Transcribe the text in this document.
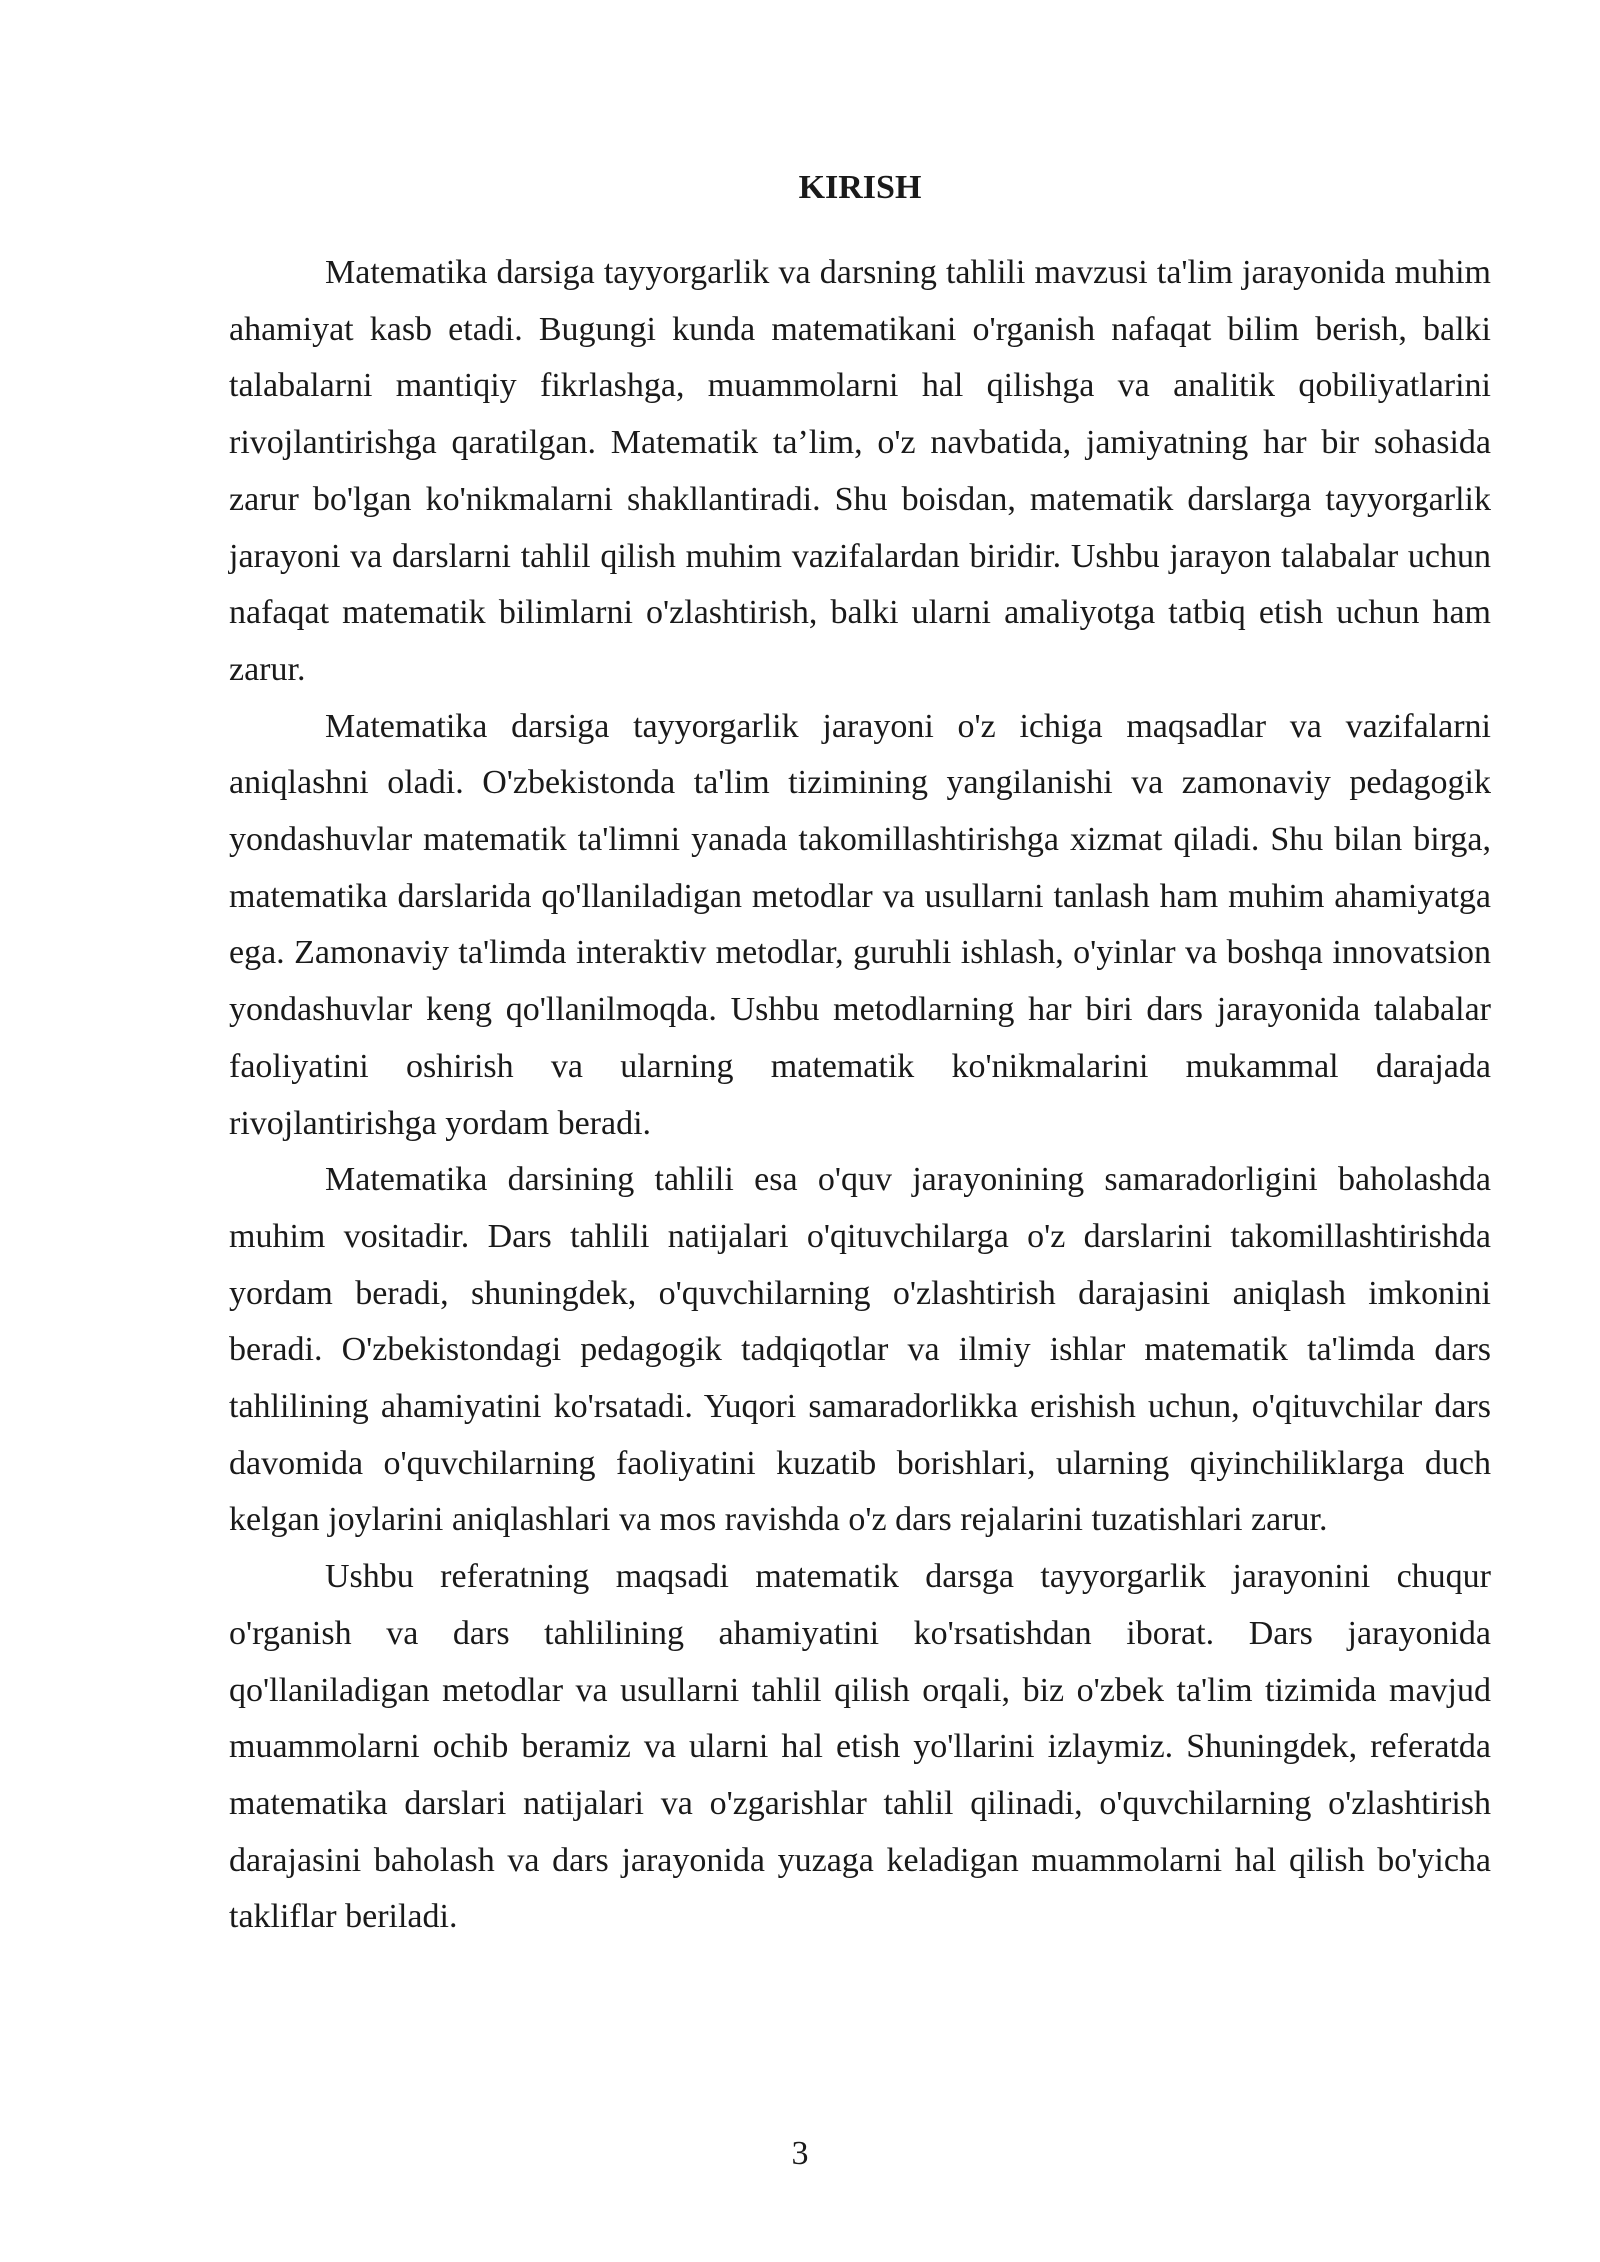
KIRISH

Matematika darsiga tayyorgarlik va darsning tahlili mavzusi ta'lim jarayonida muhim ahamiyat kasb etadi. Bugungi kunda matematikani o'rganish nafaqat bilim berish, balki talabalarni mantiqiy fikrlashga, muammolarni hal qilishga va analitik qobiliyatlarini rivojlantirishga qaratilgan. Matematik ta’lim, o'z navbatida, jamiyatning har bir sohasida zarur bo'lgan ko'nikmalarni shakllantiradi. Shu boisdan, matematik darslarga tayyorgarlik jarayoni va darslarni tahlil qilish muhim vazifalardan biridir. Ushbu jarayon talabalar uchun nafaqat matematik bilimlarni o'zlashtirish, balki ularni amaliyotga tatbiq etish uchun ham zarur.

Matematika darsiga tayyorgarlik jarayoni o'z ichiga maqsadlar va vazifalarni aniqlashni oladi. O'zbekistonda ta'lim tizimining yangilanishi va zamonaviy pedagogik yondashuvlar matematik ta'limni yanada takomillashtirishga xizmat qiladi. Shu bilan birga, matematika darslarida qo'llaniladigan metodlar va usullarni tanlash ham muhim ahamiyatga ega. Zamonaviy ta'limda interaktiv metodlar, guruhli ishlash, o'yinlar va boshqa innovatsion yondashuvlar keng qo'llanilmoqda. Ushbu metodlarning har biri dars jarayonida talabalar faoliyatini oshirish va ularning matematik ko'nikmalarini mukammal darajada rivojlantirishga yordam beradi.

Matematika darsining tahlili esa o'quv jarayonining samaradorligini baholashda muhim vositadir. Dars tahlili natijalari o'qituvchilarga o'z darslarini takomillashtirishda yordam beradi, shuningdek, o'quvchilarning o'zlashtirish darajasini aniqlash imkonini beradi. O'zbekistondagi pedagogik tadqiqotlar va ilmiy ishlar matematik ta'limda dars tahlilining ahamiyatini ko'rsatadi. Yuqori samaradorlikka erishish uchun, o'qituvchilar dars davomida o'quvchilarning faoliyatini kuzatib borishlari, ularning qiyinchiliklarga duch kelgan joylarini aniqlashlari va mos ravishda o'z dars rejalarini tuzatishlari zarur.

Ushbu referatning maqsadi matematik darsga tayyorgarlik jarayonini chuqur o'rganish va dars tahlilining ahamiyatini ko'rsatishdan iborat. Dars jarayonida qo'llaniladigan metodlar va usullarni tahlil qilish orqali, biz o'zbek ta'lim tizimida mavjud muammolarni ochib beramiz va ularni hal etish yo'llarini izlaymiz. Shuningdek, referatda matematika darslari natijalari va o'zgarishlar tahlil qilinadi, o'quvchilarning o'zlashtirish darajasini baholash va dars jarayonida yuzaga keladigan muammolarni hal qilish bo'yicha takliflar beriladi.

3
